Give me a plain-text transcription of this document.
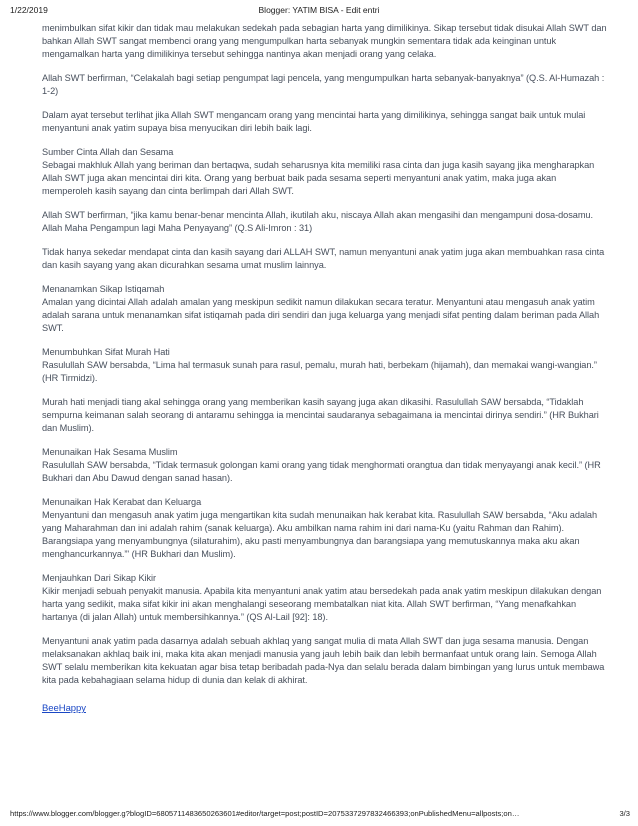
1/22/2019	Blogger: YATIM BISA - Edit entri

menimbulkan sifat kikir dan tidak mau melakukan sedekah pada sebagian harta yang dimilikinya. Sikap tersebut tidak disukai Allah SWT dan bahkan Allah SWT sangat membenci orang yang mengumpulkan harta sebanyak mungkin sementara tidak ada keinginan untuk mengamalkan harta yang dimilikinya tersebut sehingga nantinya akan menjadi orang yang celaka.

Allah SWT berfirman, “Celakalah bagi setiap pengumpat lagi pencela, yang mengumpulkan harta sebanyak-banyaknya” (Q.S. Al-Humazah : 1-2)

Dalam ayat tersebut terlihat jika Allah SWT mengancam orang yang mencintai harta yang dimilikinya, sehingga sangat baik untuk mulai menyantuni anak yatim supaya bisa menyucikan diri lebih baik lagi.

Sumber Cinta Allah dan Sesama
Sebagai makhluk Allah yang beriman dan bertaqwa, sudah seharusnya kita memiliki rasa cinta dan juga kasih sayang jika mengharapkan Allah SWT juga akan mencintai diri kita. Orang yang berbuat baik pada sesama seperti menyantuni anak yatim, maka juga akan memperoleh kasih sayang dan cinta berlimpah dari Allah SWT.

Allah SWT berfirman, “jika kamu benar-benar mencinta Allah, ikutilah aku, niscaya Allah akan mengasihi dan mengampuni dosa-dosamu. Allah Maha Pengampun lagi Maha Penyayang” (Q.S Ali-Imron : 31)

Tidak hanya sekedar mendapat cinta dan kasih sayang dari ALLAH SWT, namun menyantuni anak yatim juga akan membuahkan rasa cinta dan kasih sayang yang akan dicurahkan sesama umat muslim lainnya.

Menanamkan Sikap Istiqamah
Amalan yang dicintai Allah adalah amalan yang meskipun sedikit namun dilakukan secara teratur. Menyantuni atau mengasuh anak yatim adalah sarana untuk menanamkan sifat istiqamah pada diri sendiri dan juga keluarga yang menjadi sifat penting dalam beriman pada Allah SWT.

Menumbuhkan Sifat Murah Hati
Rasulullah SAW bersabda, “Lima hal termasuk sunah para rasul, pemalu, murah hati, berbekam (hijamah), dan memakai wangi-wangian.” (HR Tirmidzi).

Murah hati menjadi tiang akal sehingga orang yang memberikan kasih sayang juga akan dikasihi. Rasulullah SAW bersabda, “Tidaklah sempurna keimanan salah seorang di antaramu sehingga ia mencintai saudaranya sebagaimana ia mencintai dirinya sendiri.” (HR Bukhari dan Muslim).

Menunaikan Hak Sesama Muslim
Rasulullah SAW bersabda, “Tidak termasuk golongan kami orang yang tidak menghormati orangtua dan tidak menyayangi anak kecil.” (HR Bukhari dan Abu Dawud dengan sanad hasan).

Menunaikan Hak Kerabat dan Keluarga
Menyantuni dan mengasuh anak yatim juga mengartikan kita sudah menunaikan hak kerabat kita. Rasulullah SAW bersabda, “Aku adalah yang Maharahman dan ini adalah rahim (sanak keluarga). Aku ambilkan nama rahim ini dari nama-Ku (yaitu Rahman dan Rahim). Barangsiapa yang menyambungnya (silaturahim), aku pasti menyambungnya dan barangsiapa yang memutuskannya maka aku akan menghancurkannya.”' (HR Bukhari dan Muslim).

Menjauhkan Dari Sikap Kikir
Kikir menjadi sebuah penyakit manusia. Apabila kita menyantuni anak yatim atau bersedekah pada anak yatim meskipun dilakukan dengan harta yang sedikit, maka sifat kikir ini akan menghalangi seseorang membatalkan niat kita. Allah SWT berfirman, “Yang menafkahkan hartanya (di jalan Allah) untuk membersihkannya.” (QS Al-Lail [92]: 18).

Menyantuni anak yatim pada dasarnya adalah sebuah akhlaq yang sangat mulia di mata Allah SWT dan juga sesama manusia. Dengan melaksanakan akhlaq baik ini, maka kita akan menjadi manusia yang jauh lebih baik dan lebih bermanfaat untuk orang lain. Semoga Allah SWT selalu memberikan kita kekuatan agar bisa tetap beribadah pada-Nya dan selalu berada dalam bimbingan yang lurus untuk membawa kita pada kebahagiaan selama hidup di dunia dan kelak di akhirat.

BeeHappy
https://www.blogger.com/blogger.g?blogID=6805711483650263601#editor/target=post;postID=2075337297832466393;onPublishedMenu=allposts;on…	3/3
